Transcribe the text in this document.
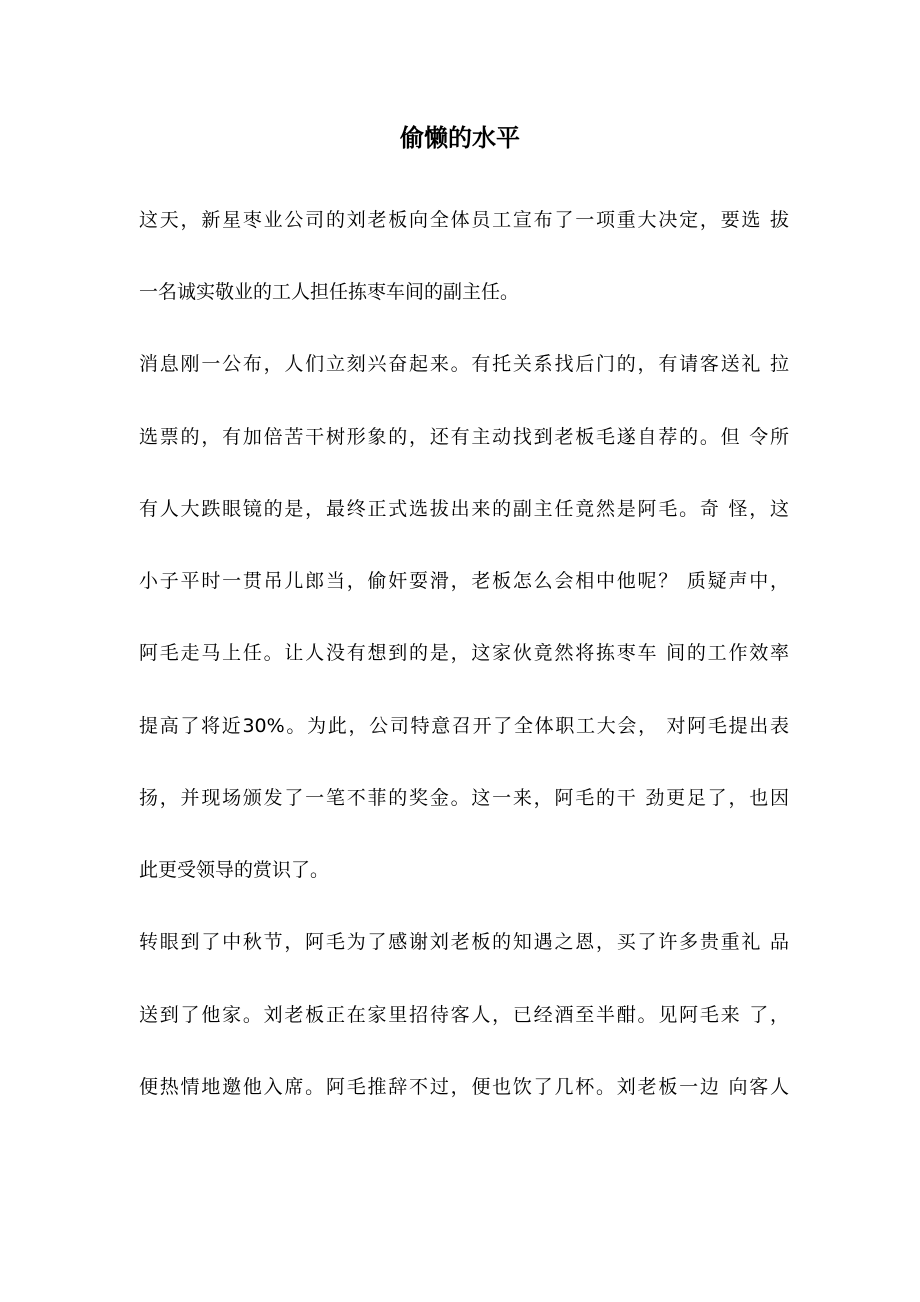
偷懒的水平
这天，新星枣业公司的刘老板向全体员工宣布了一项重大决定，要选 拔
一名诚实敬业的工人担任拣枣车间的副主任。
消息刚一公布，人们立刻兴奋起来。有托关系找后门的，有请客送礼 拉
选票的，有加倍苦干树形象的，还有主动找到老板毛遂自荐的。但 令所
有人大跌眼镜的是，最终正式选拔出来的副主任竟然是阿毛。奇 怪，这
小子平时一贯吊儿郎当，偷奸耍滑，老板怎么会相中他呢？ 质疑声中，
阿毛走马上任。让人没有想到的是，这家伙竟然将拣枣车 间的工作效率
提高了将近30%。为此，公司特意召开了全体职工大会， 对阿毛提出表
扬，并现场颁发了一笔不菲的奖金。这一来，阿毛的干 劲更足了，也因
此更受领导的赏识了。
转眼到了中秋节，阿毛为了感谢刘老板的知遇之恩，买了许多贵重礼 品
送到了他家。刘老板正在家里招待客人，已经酒至半酣。见阿毛来 了，
便热情地邀他入席。阿毛推辞不过，便也饮了几杯。刘老板一边 向客人
